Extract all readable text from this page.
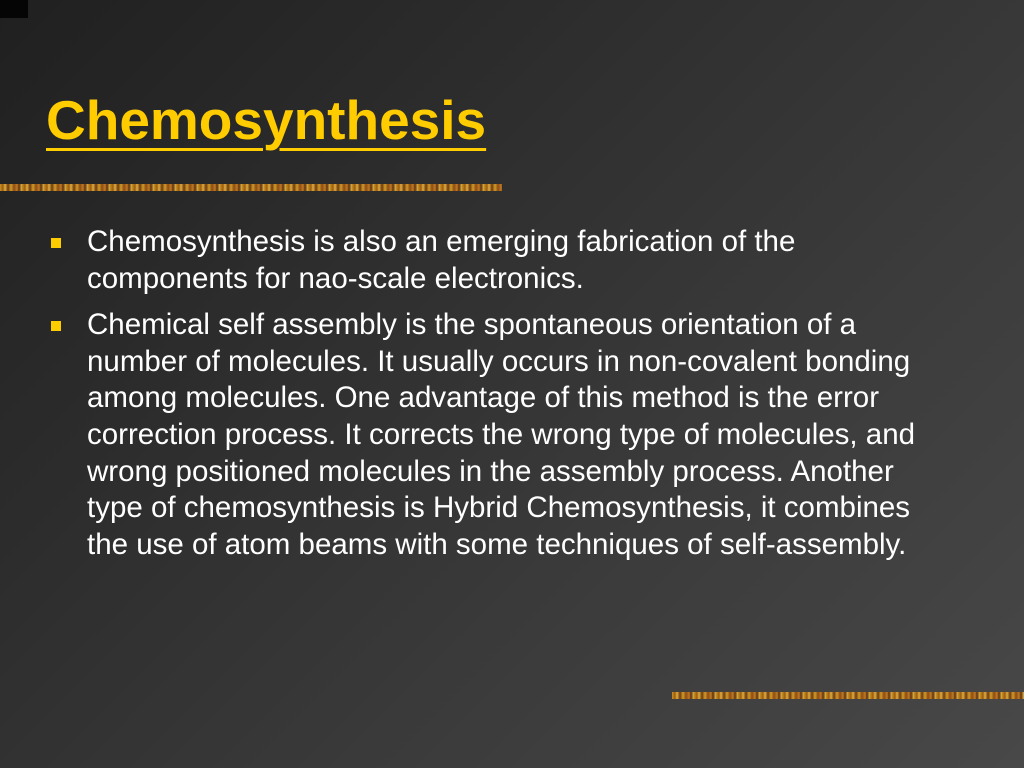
Chemosynthesis
Chemosynthesis is also an emerging fabrication of the components for nao-scale electronics.
Chemical self assembly is the spontaneous orientation of a number of molecules. It usually occurs in non-covalent bonding among molecules. One advantage of this method is the error correction process. It corrects the wrong type of molecules, and wrong positioned molecules in the assembly process. Another type of chemosynthesis is Hybrid Chemosynthesis, it combines the use of atom beams with some techniques of self-assembly.
